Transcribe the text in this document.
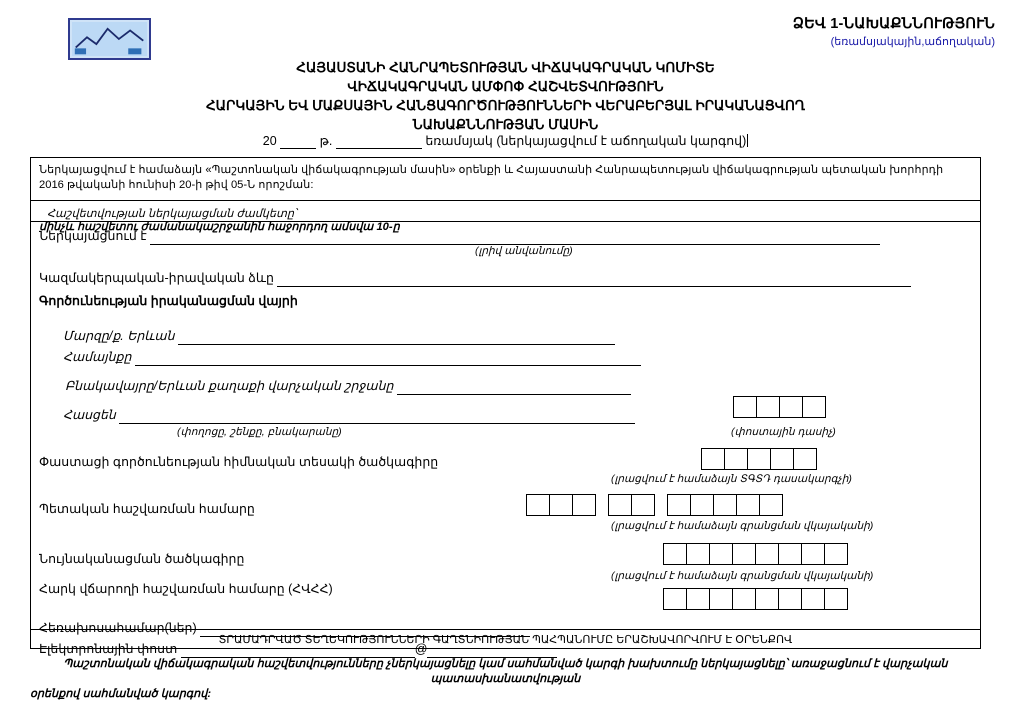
ՁԵՎ 1-ՆԱԽԱՔՆՆՈՒԹՅՈՒՆ
(եռամսյակային,աճողական)
ՀԱՅԱՍՏԱՆԻ ՀԱՆՐԱՊԵՏՈՒԹՅԱՆ ՎԻՃԱԿԱԳՐԱԿԱՆ ԿՈՄԻՏԵ
ՎԻՃԱԿԱԳՐԱԿԱՆ ԱՄՓՈՓ ՀԱՇՎԵՏՎՈՒԹՅՈՒՆ
ՀԱՐԿԱՅԻՆ ԵՎ ՄԱՔՍԱՅԻՆ ՀԱՆՑԱԳՈՐԾՈՒԹՅՈՒՆՆԵՐԻ ՎԵՐԱԲԵՐՅԱԼ ԻՐԱԿԱՆԱՑՎՈՂ
ՆԱԽԱՔՆՆՈՒԹՅԱՆ ՄԱՍԻՆ
20	թ.	եռամսյակ (ներկայացվում է աճողական կարգով)
Ներկայացվում է համաձայն «Պաշտոնական վիճակագրության մասին» օրենքի և Հայաստանի Հանրապետության վիճակագրության պետական խորհրդի 2016 թվականի հունիսի 20-ի թիվ 05-Ն որոշման:
Հաշվետվության ներկայացման ժամկետը՝
մինչև հաշվետու ժամանակաշրջանին հաջորդող ամսվա 10-ը
Ներկայացնում է
(լրիվ անվանումը)
Կազմակերպական-իրավական ձևը
Գործունեության իրականացման վայրի
Մարզը/ք. Երևան
Համայնքը
Բնակավայրը/Երևան քաղաքի վարչական շրջանը
Հասցեն
(փողոցը, շենքը, բնակարանը)	(փոստային դասիչ)
Փաստացի գործունեության հիմնական տեսակի ծածկագիրը
(լրացվում է համաձայն ՏԳՏԴ դասակարգչի)
Պետական հաշվառման համարը
(լրացվում է համաձայն գրանցման վկայականի)
Նույնականացման ծածկագիրը
(լրացվում է համաձայն գրանցման վկայականի)
Հարկ վճարողի հաշվառման համարը (ՀՎՀՀ)
Հեռախոսահամար(ներ)
Էլեկտրոնային փոստ	@
ՏՐԱՄԱԴՐՎԱԾ ՏԵՂԵԿՈՒԹՅՈՒՆՆԵՐԻ ԳԱՂՏՆԻՈՒԹՅԱՆ ՊԱՀՊԱՆՈՒՄԸ ԵՐԱՇԽԱՎՈՐՎՈՒՄ Է ՕՐԵՆՔՈՎ
Պաշտոնական վիճակագրական հաշվետվությունները չներկայացնելը կամ սահմանված կարգի խախտումը ներկայացնելը՝ առաջացնում է վարչական պատասխանատվության
օրենքով սահմանված կարգով:
